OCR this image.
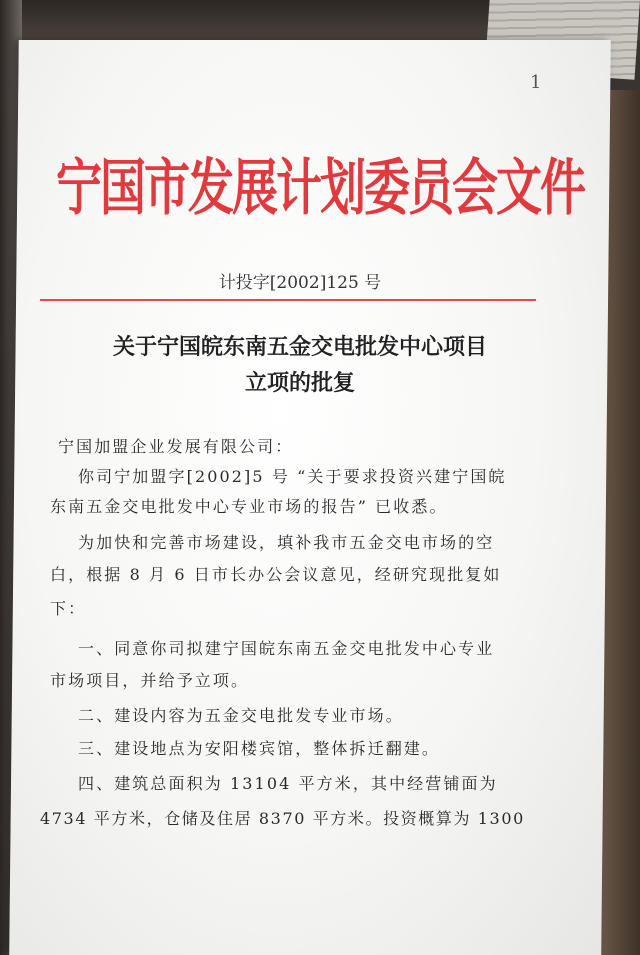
1
宁国市发展计划委员会文件
计投字[2002]125 号
关于宁国皖东南五金交电批发中心项目
立项的批复
宁国加盟企业发展有限公司：
你司宁加盟字[2002]5 号 “关于要求投资兴建宁国皖
东南五金交电批发中心专业市场的报告” 已收悉。
为加快和完善市场建设，填补我市五金交电市场的空
白，根据 8 月 6 日市长办公会议意见，经研究现批复如
下：
一、同意你司拟建宁国皖东南五金交电批发中心专业
市场项目，并给予立项。
二、建设内容为五金交电批发专业市场。
三、建设地点为安阳楼宾馆，整体拆迁翻建。
四、建筑总面积为 13104 平方米，其中经营铺面为
4734 平方米，仓储及住居 8370 平方米。投资概算为 1300
